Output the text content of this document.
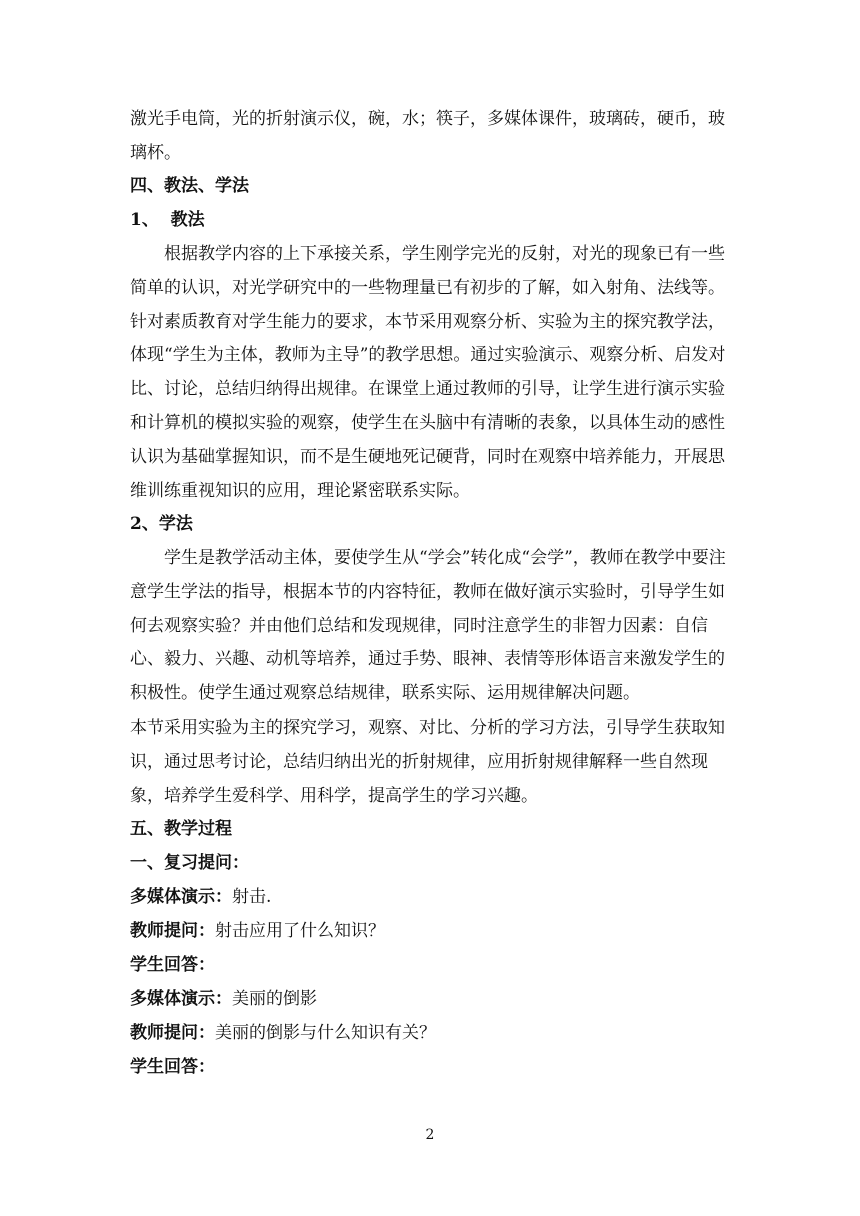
激光手电筒，光的折射演示仪，碗，水；筷子，多媒体课件，玻璃砖，硬币，玻璃杯。

四、教法、学法

1、  教法

根据教学内容的上下承接关系，学生刚学完光的反射，对光的现象已有一些简单的认识，对光学研究中的一些物理量已有初步的了解，如入射角、法线等。针对素质教育对学生能力的要求，本节采用观察分析、实验为主的探究教学法，体现“学生为主体，教师为主导”的教学思想。通过实验演示、观察分析、启发对比、讨论，总结归纳得出规律。在课堂上通过教师的引导，让学生进行演示实验和计算机的模拟实验的观察，使学生在头脑中有清晰的表象，以具体生动的感性认识为基础掌握知识，而不是生硬地死记硬背，同时在观察中培养能力，开展思维训练重视知识的应用，理论紧密联系实际。

2、学法

学生是教学活动主体，要使学生从“学会”转化成“会学”，教师在教学中要注意学生学法的指导，根据本节的内容特征，教师在做好演示实验时，引导学生如何去观察实验？并由他们总结和发现规律，同时注意学生的非智力因素：自信心、毅力、兴趣、动机等培养，通过手势、眼神、表情等形体语言来激发学生的积极性。使学生通过观察总结规律，联系实际、运用规律解决问题。

本节采用实验为主的探究学习，观察、对比、分析的学习方法，引导学生获取知识，通过思考讨论，总结归纳出光的折射规律，应用折射规律解释一些自然现象，培养学生爱科学、用科学，提高学生的学习兴趣。

五、教学过程

一、复习提问：

多媒体演示：射击.

教师提问：射击应用了什么知识？

学生回答：

多媒体演示：美丽的倒影

教师提问：美丽的倒影与什么知识有关？

学生回答：

2
